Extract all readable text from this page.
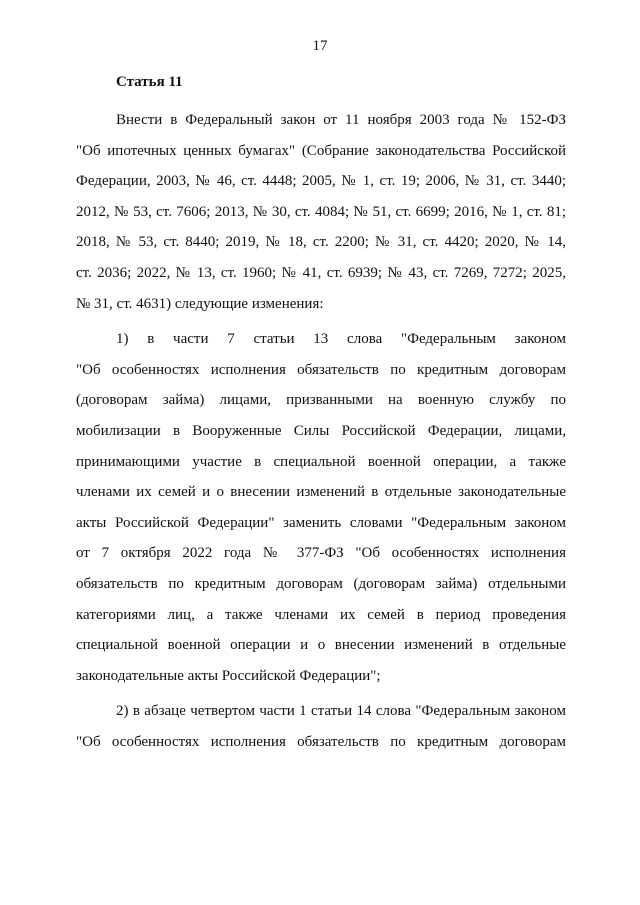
17
Статья 11
Внести в Федеральный закон от 11 ноября 2003 года № 152-ФЗ
"Об ипотечных ценных бумагах" (Собрание законодательства Российской
Федерации, 2003, № 46, ст. 4448; 2005, № 1, ст. 19; 2006, № 31, ст. 3440;
2012, № 53, ст. 7606; 2013, № 30, ст. 4084; № 51, ст. 6699; 2016, № 1, ст. 81;
2018, № 53, ст. 8440; 2019, № 18, ст. 2200; № 31, ст. 4420; 2020, № 14,
ст. 2036; 2022, № 13, ст. 1960; № 41, ст. 6939; № 43, ст. 7269, 7272; 2025,
№ 31, ст. 4631) следующие изменения:
1) в части 7 статьи 13 слова "Федеральным законом
"Об особенностях исполнения обязательств по кредитным договорам
(договорам займа) лицами, призванными на военную службу по
мобилизации в Вооруженные Силы Российской Федерации, лицами,
принимающими участие в специальной военной операции, а также
членами их семей и о внесении изменений в отдельные законодательные
акты Российской Федерации" заменить словами "Федеральным законом
от 7 октября 2022 года № 377-ФЗ "Об особенностях исполнения
обязательств по кредитным договорам (договорам займа) отдельными
категориями лиц, а также членами их семей в период проведения
специальной военной операции и о внесении изменений в отдельные
законодательные акты Российской Федерации";
2) в абзаце четвертом части 1 статьи 14 слова "Федеральным законом
"Об особенностях исполнения обязательств по кредитным договорам
